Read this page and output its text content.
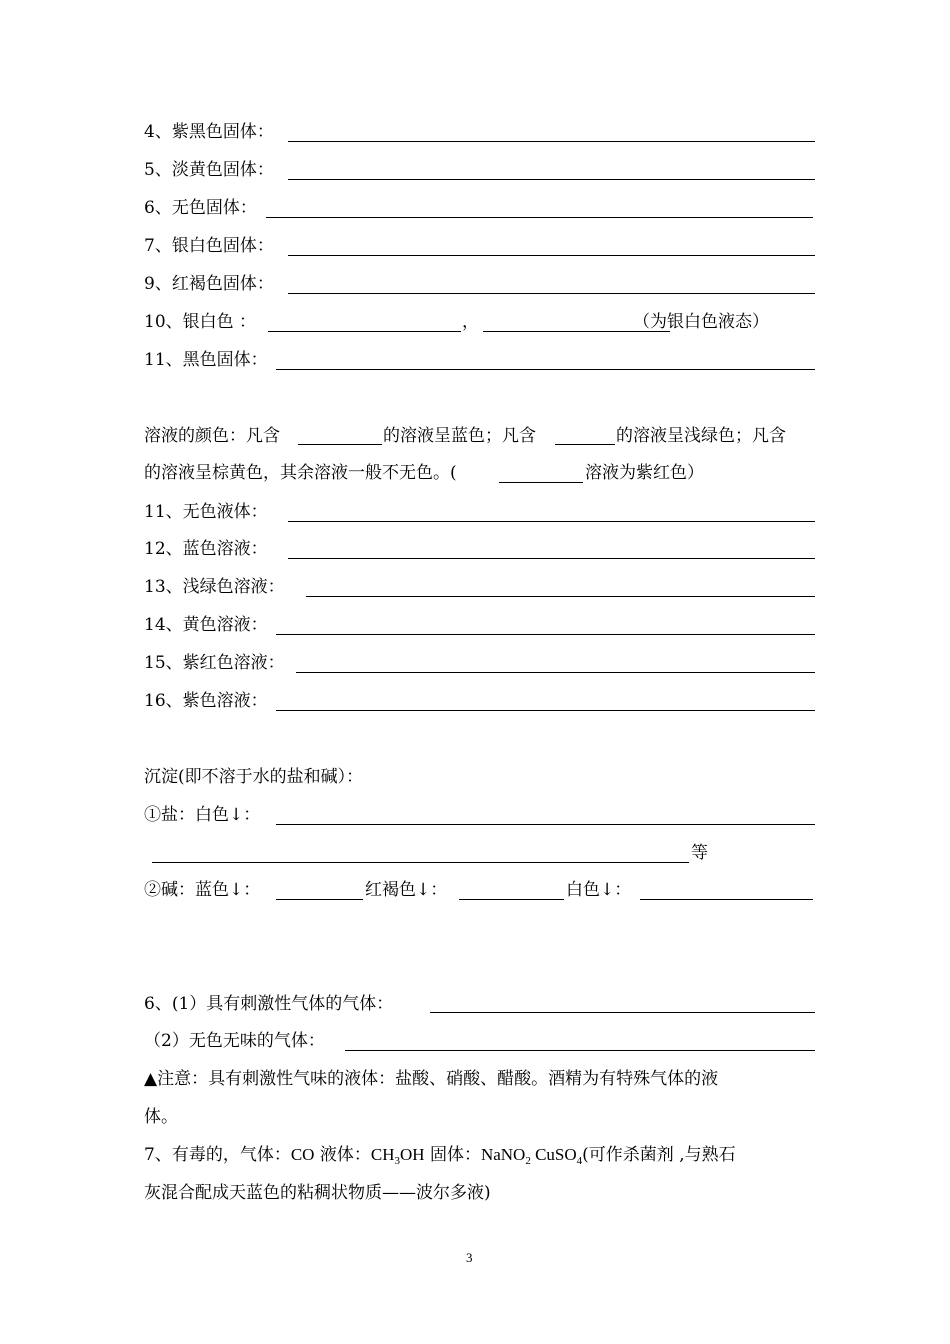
4、紫黑色固体：
5、淡黄色固体：
6、无色固体：
7、银白色固体：
9、红褐色固体：
10、银白色 ：	，	（为银白色液态）
11、黑色固体：
溶液的颜色：凡含	的溶液呈蓝色；凡含	的溶液呈浅绿色；凡含
的溶液呈棕黄色，其余溶液一般不无色。(	溶液为紫红色）
11、无色液体：
12、蓝色溶液：
13、浅绿色溶液：
14、黄色溶液：
15、紫红色溶液：
16、紫色溶液：
沉淀(即不溶于水的盐和碱）：
①盐：白色↓：
等
②碱：蓝色↓：	红褐色↓：	白色↓：
6、(1）具有刺激性气体的气体：
（2）无色无味的气体：
▲注意：具有刺激性气味的液体：盐酸、硝酸、醋酸。酒精为有特殊气体的液
体。
7、有毒的，气体：CO 液体：$CH_3OH$ 固体：NaNO$_2$ CuSO$_4$(可作杀菌剂 ,与熟石
灰混合配成天蓝色的粘稠状物质——波尔多液)
3
